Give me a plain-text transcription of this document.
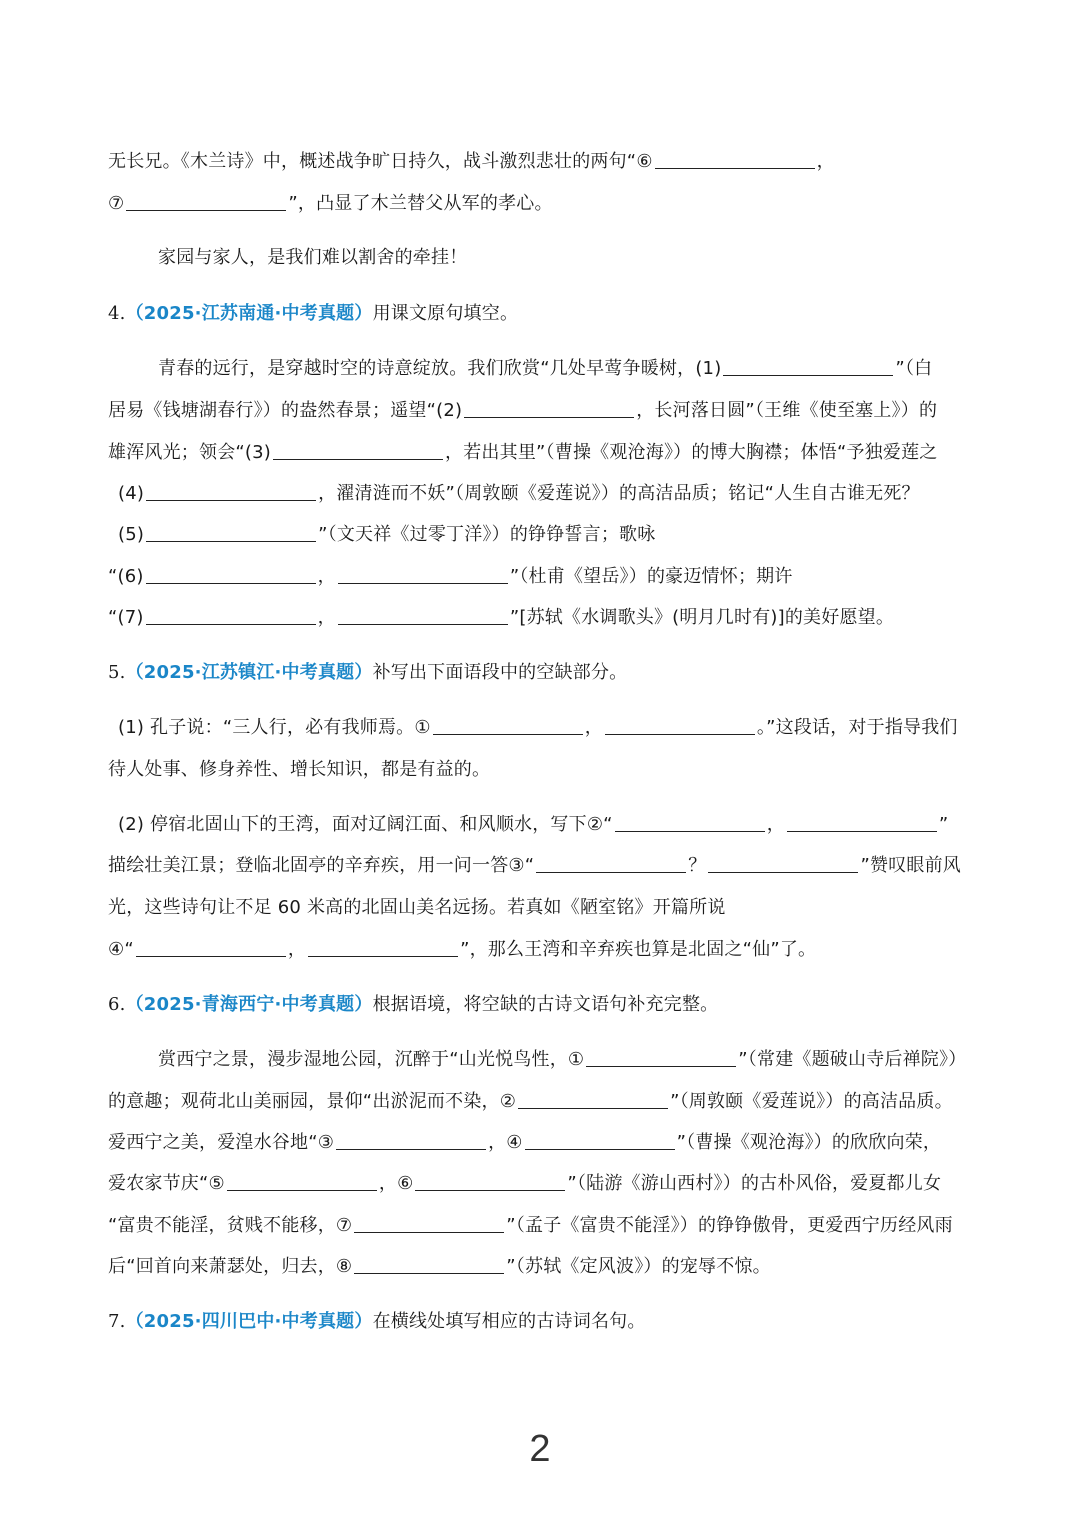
无长兄。《木兰诗》中，概述战争旷日持久，战斗激烈悲壮的两句“⑥	，
⑦	”，凸显了木兰替父从军的孝心。
家园与家人，是我们难以割舍的牵挂！
4.（2025·江苏南通·中考真题）用课文原句填空。
青春的远行，是穿越时空的诗意绽放。我们欣赏“几处早莺争暖树，(1)	”（白
居易《钱塘湖春行》）的盎然春景；遥望“(2)	，长河落日圆”（王维《使至塞上》）的
雄浑风光；领会“(3)	，若出其里”（曹操《观沧海》）的博大胸襟；体悟“予独爱莲之
(4)	，濯清涟而不妖”（周敦颐《爱莲说》）的高洁品质；铭记“人生自古谁无死？
(5)	”（文天祥《过零丁洋》）的铮铮誓言；歌咏
“(6)	，	”（杜甫《望岳》）的豪迈情怀；期许
“(7)	，	”[苏轼《水调歌头》(明月几时有)]的美好愿望。
5.（2025·江苏镇江·中考真题）补写出下面语段中的空缺部分。
(1) 孔子说：“三人行，必有我师焉。①	，	。”这段话，对于指导我们
待人处事、修身养性、增长知识，都是有益的。
(2) 停宿北固山下的王湾，面对辽阔江面、和风顺水，写下②“	，	”
描绘壮美江景；登临北固亭的辛弃疾，用一问一答③“	？	”赞叹眼前风
光，这些诗句让不足 60 米高的北固山美名远扬。若真如《陋室铭》开篇所说
④“	，	”，那么王湾和辛弃疾也算是北固之“仙”了。
6.（2025·青海西宁·中考真题）根据语境，将空缺的古诗文语句补充完整。
赏西宁之景，漫步湿地公园，沉醉于“山光悦鸟性，①	”（常建《题破山寺后禅院》）
的意趣；观荷北山美丽园，景仰“出淤泥而不染，②	”（周敦颐《爱莲说》）的高洁品质。
爱西宁之美，爱湟水谷地“③	，④	”（曹操《观沧海》）的欣欣向荣，
爱农家节庆“⑤	，⑥	”（陆游《游山西村》）的古朴风俗，爱夏都儿女
“富贵不能淫，贫贱不能移，⑦	”（孟子《富贵不能淫》）的铮铮傲骨，更爱西宁历经风雨
后“回首向来萧瑟处，归去，⑧	”（苏轼《定风波》）的宠辱不惊。
7.（2025·四川巴中·中考真题）在横线处填写相应的古诗词名句。
2
